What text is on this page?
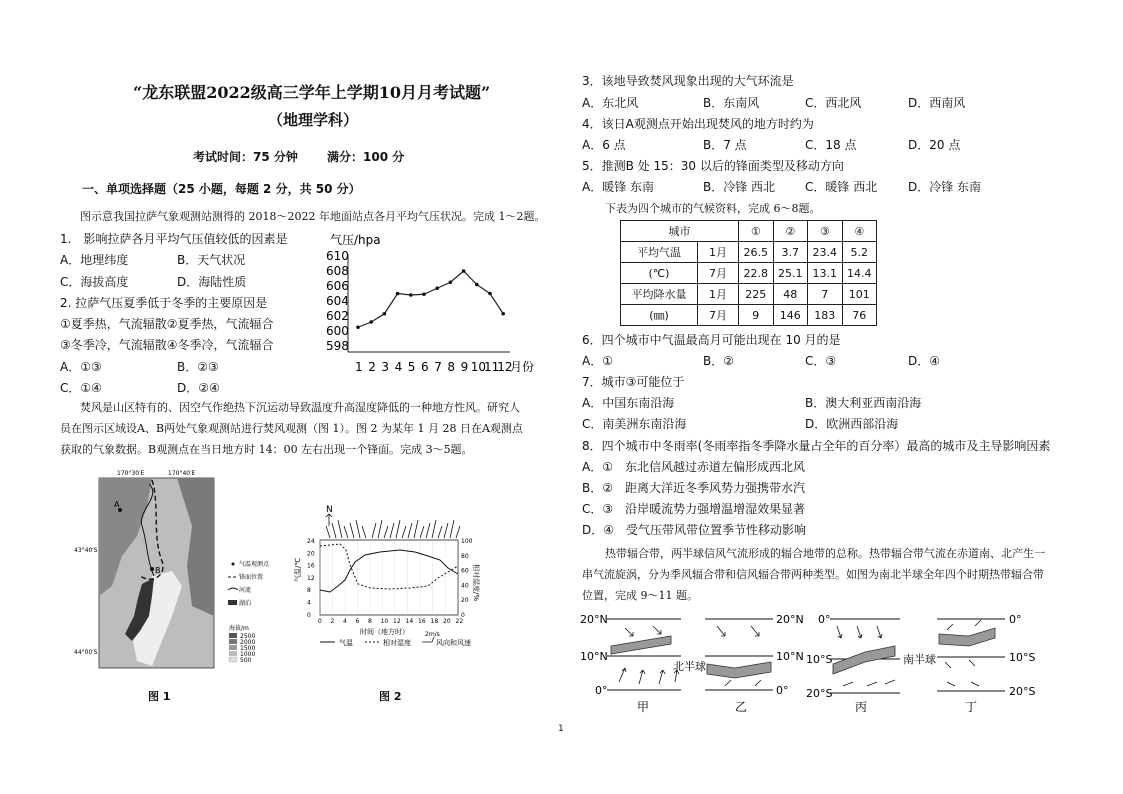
“龙东联盟2022级高三学年上学期10月月考试题”
（地理学科）
考试时间：75 分钟 满分：100 分
一、单项选择题（25 小题，每题 2 分，共 50 分）
图示意我国拉萨气象观测站测得的 2018～2022 年地面站点各月平均气压状况。完成 1～2题。
1.　影响拉萨各月平均气压值较低的因素是
A．地理纬度	B．天气状况
C．海拔高度	D．海陆性质
2. 拉萨气压夏季低于冬季的主要原因是
①夏季热，气流辐散②夏季热，气流辐合
③冬季冷，气流辐散④冬季冷，气流辐合
A．①③	B．②③
C．①④	D．②④
气压/hpa
610
608
606
604
602
600
598
1 2 3 4 5 6 7 8 9 10
11
12
月份
焚风是山区特有的、因空气作绝热下沉运动导致温度升高湿度降低的一种地方性风。研究人
员在图示区域设A、B两处气象观测站进行焚风观测（图 1）。图 2 为某年 1 月 28 日在A观测点
获取的气象数据。B观测点在当日地方时 14：00 左右出现一个锋面。完成 3～5题。
170°30′E	170°40′E
A
B
43°40′S
44°00′S
气温观测点
锋面位置
河流
湖泊
海拔/m
2500
2000
1500
1000
500
图 1
N
24
20
16
12
8
4
0
100
80
60
40
20
0
0 2 4 6 8 10 12 14 16 18 20 22
气温/℃	相对湿度/%
时间（地方时）
气温	相对湿度
2m/s
风向和风速
图 2
3．该地导致焚风现象出现的大气环流是
A．东北风	B．东南风	C．西北风	D．西南风
4．该日A观测点开始出现焚风的地方时约为
A．6 点	B．7 点	C．18 点	D．20 点
5．推测B 处 15：30 以后的锋面类型及移动方向
A．暖锋 东南	B．冷锋 西北 C．暖锋 西北	D．冷锋 东南
下表为四个城市的气候资料，完成 6～8题。
城市		①	②	③	④
平均气温	1月	26.5	3.7	23.4	5.2
(℃)	7月	22.8	25.1	13.1	14.4
平均降水量	1月	225	48	7	101
(㎜)	7月	9	146	183	76
6．四个城市中气温最高月可能出现在 10 月的是
A．①	B．②	C．③	D．④
7．城市③可能位于
A．中国东南沿海	B．澳大利亚西南沿海
C．南美洲东南沿海	D．欧洲西部沿海
8．四个城市中冬雨率(冬雨率指冬季降水量占全年的百分率）最高的城市及主导影响因素
A．①　东北信风越过赤道左偏形成西北风
B．②　距离大洋近冬季风势力强携带水汽
C．③　沿岸暖流势力强增温增湿效果显著
D．④　受气压带风带位置季节性移动影响
热带辐合带，两半球信风气流形成的辐合地带的总称。热带辐合带气流在赤道南、北产生一
串气流旋涡，分为季风辐合带和信风辐合带两种类型。如图为南北半球全年四个时期热带辐合带
位置，完成 9～11 题。
20°N
10°N
0°
甲
20°N
10°N
0°
北半球
乙
0°
10°S
20°S
南半球
丙
0°
10°S
20°S
丁
1
